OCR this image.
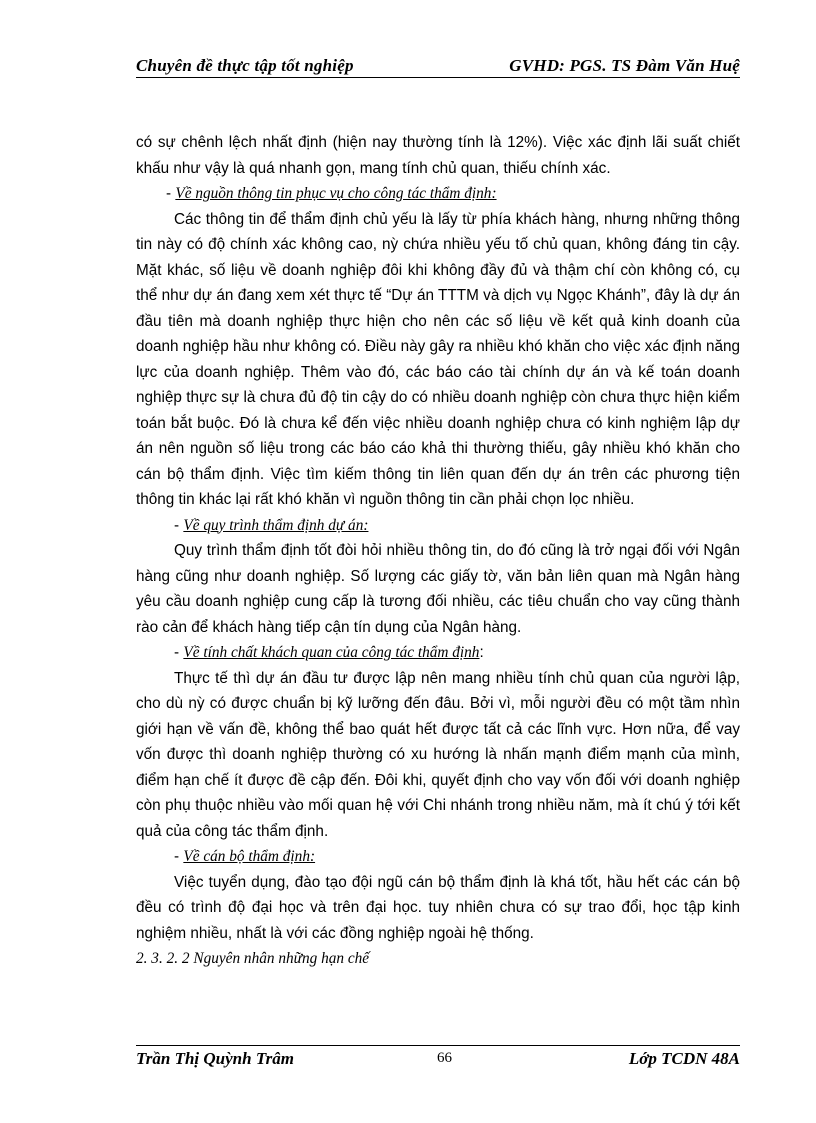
Chuyên đề thực tập tốt nghiệp	GVHD: PGS. TS Đàm Văn Huệ

có sự chênh lệch nhất định (hiện nay thường tính là 12%). Việc xác định lãi suất chiết khấu như vậy là quá nhanh gọn, mang tính chủ quan, thiếu chính xác.

- Về nguồn thông tin phục vụ cho công tác thẩm định:

Các thông tin để thẩm định chủ yếu là lấy từ phía khách hàng, nhưng những thông tin này có độ chính xác không cao, nỳ chứa nhiều yếu tố chủ quan, không đáng tin cậy. Mặt khác, số liệu về doanh nghiệp đôi khi không đầy đủ và thậm chí còn không có, cụ thể như dự án đang xem xét thực tế “Dự án TTTM và dịch vụ Ngọc Khánh”, đây là dự án đầu tiên mà doanh nghiệp thực hiện cho nên các số liệu về kết quả kinh doanh của doanh nghiệp hầu như không có. Điều này gây ra nhiều khó khăn cho việc xác định năng lực của doanh nghiệp. Thêm vào đó, các báo cáo tài chính dự án và kế toán doanh nghiệp thực sự là chưa đủ độ tin cậy do có nhiều doanh nghiệp còn chưa thực hiện kiểm toán bắt buộc. Đó là chưa kể đến việc nhiều doanh nghiệp chưa có kinh nghiệm lập dự án nên nguồn số liệu trong các báo cáo khả thi thường thiếu, gây nhiều khó khăn cho cán bộ thẩm định. Việc tìm kiếm thông tin liên quan đến dự án trên các phương tiện thông tin khác lại rất khó khăn vì nguồn thông tin cần phải chọn lọc nhiều.

- Về quy trình thẩm định dự án:

Quy trình thẩm định tốt đòi hỏi nhiều thông tin, do đó cũng là trở ngại đối với Ngân hàng cũng như doanh nghiệp. Số lượng các giấy tờ, văn bản liên quan mà Ngân hàng yêu cầu doanh nghiệp cung cấp là tương đối nhiều, các tiêu chuẩn cho vay cũng thành rào cản để khách hàng tiếp cận tín dụng của Ngân hàng.

- Về tính chất khách quan của công tác thẩm định:

Thực tế thì dự án đầu tư được lập nên mang nhiều tính chủ quan của người lập, cho dù nỳ có được chuẩn bị kỹ lưỡng đến đâu. Bởi vì, mỗi người đều có một tầm nhìn giới hạn về vấn đề, không thể bao quát hết được tất cả các lĩnh vực. Hơn nữa, để vay vốn được thì doanh nghiệp thường có xu hướng là nhấn mạnh điểm mạnh của mình, điểm hạn chế ít được đề cập đến. Đôi khi, quyết định cho vay vốn đối với doanh nghiệp còn phụ thuộc nhiều vào mối quan hệ với Chi nhánh trong nhiều năm, mà ít chú ý tới kết quả của công tác thẩm định.

- Về cán bộ thẩm định:

Việc tuyển dụng, đào tạo đội ngũ cán bộ thẩm định là khá tốt, hầu hết các cán bộ đều có trình độ đại học và trên đại học. tuy nhiên chưa có sự trao đổi, học tập kinh nghiệm nhiều, nhất là với các đồng nghiệp ngoài hệ thống.

2. 3. 2. 2 Nguyên nhân những hạn chế

Trần Thị Quỳnh Trâm	66	Lớp TCDN 48A
